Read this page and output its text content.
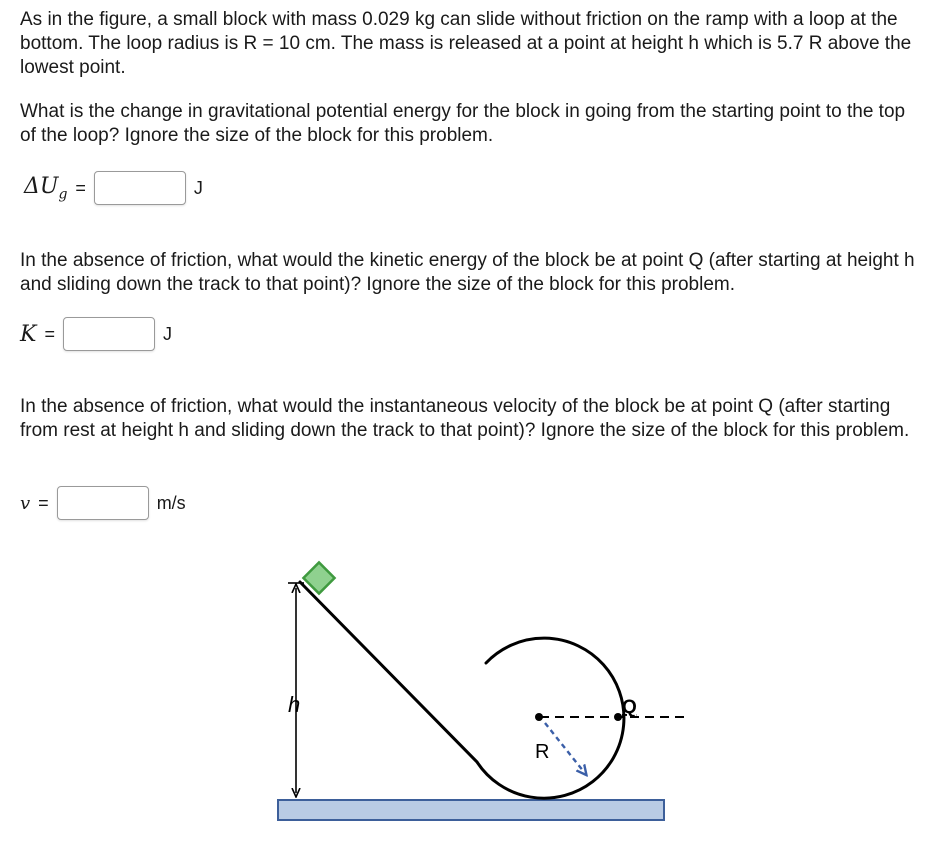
As in the figure, a small block with mass 0.029 kg can slide without friction on the ramp with a loop at the bottom. The loop radius is R = 10 cm. The mass is released at a point at height h which is 5.7 R above the lowest point.

What is the change in gravitational potential energy for the block in going from the starting point to the top of the loop? Ignore the size of the block for this problem.

$\Delta U_g$ =	J

In the absence of friction, what would the kinetic energy of the block be at point Q (after starting at height h and sliding down the track to that point)? Ignore the size of the block for this problem.

K =	J

In the absence of friction, what would the instantaneous velocity of the block be at point Q (after starting from rest at height h and sliding down the track to that point)? Ignore the size of the block for this problem.

v =	m/s
h	Q
R
